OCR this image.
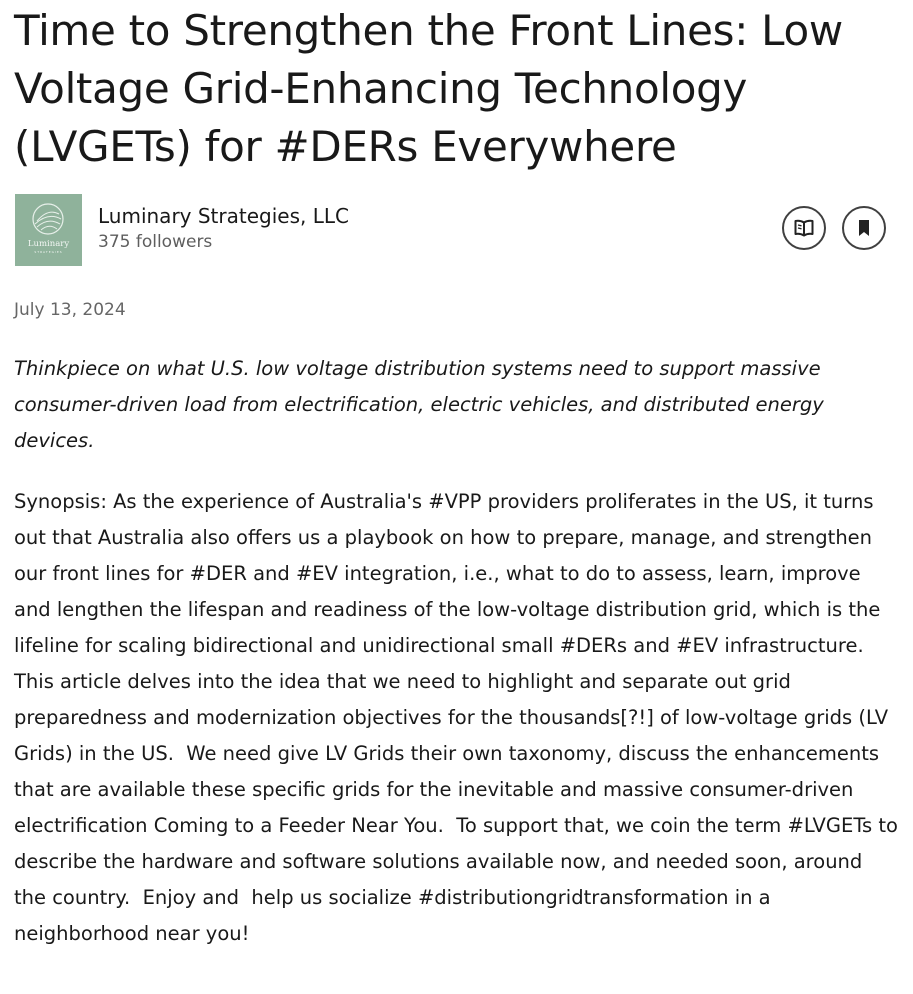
Time to Strengthen the Front Lines: Low Voltage Grid-Enhancing Technology (LVGETs) for #DERs Everywhere
Luminary
STRATEGIES
Luminary Strategies, LLC
375 followers
July 13, 2024

Thinkpiece on what U.S. low voltage distribution systems need to support massive consumer-driven load from electrification, electric vehicles, and distributed energy devices.

Synopsis: As the experience of Australia's #VPP providers proliferates in the US, it turns out that Australia also offers us a playbook on how to prepare, manage, and strengthen our front lines for #DER and #EV integration, i.e., what to do to assess, learn, improve and lengthen the lifespan and readiness of the low-voltage distribution grid, which is the lifeline for scaling bidirectional and unidirectional small #DERs and #EV infrastructure.  This article delves into the idea that we need to highlight and separate out grid preparedness and modernization objectives for the thousands[?!] of low-voltage grids (LV Grids) in the US.  We need give LV Grids their own taxonomy, discuss the enhancements that are available these specific grids for the inevitable and massive consumer-driven electrification Coming to a Feeder Near You.  To support that, we coin the term #LVGETs to describe the hardware and software solutions available now, and needed soon, around the country.  Enjoy and  help us socialize #distributiongridtransformation in a neighborhood near you!
